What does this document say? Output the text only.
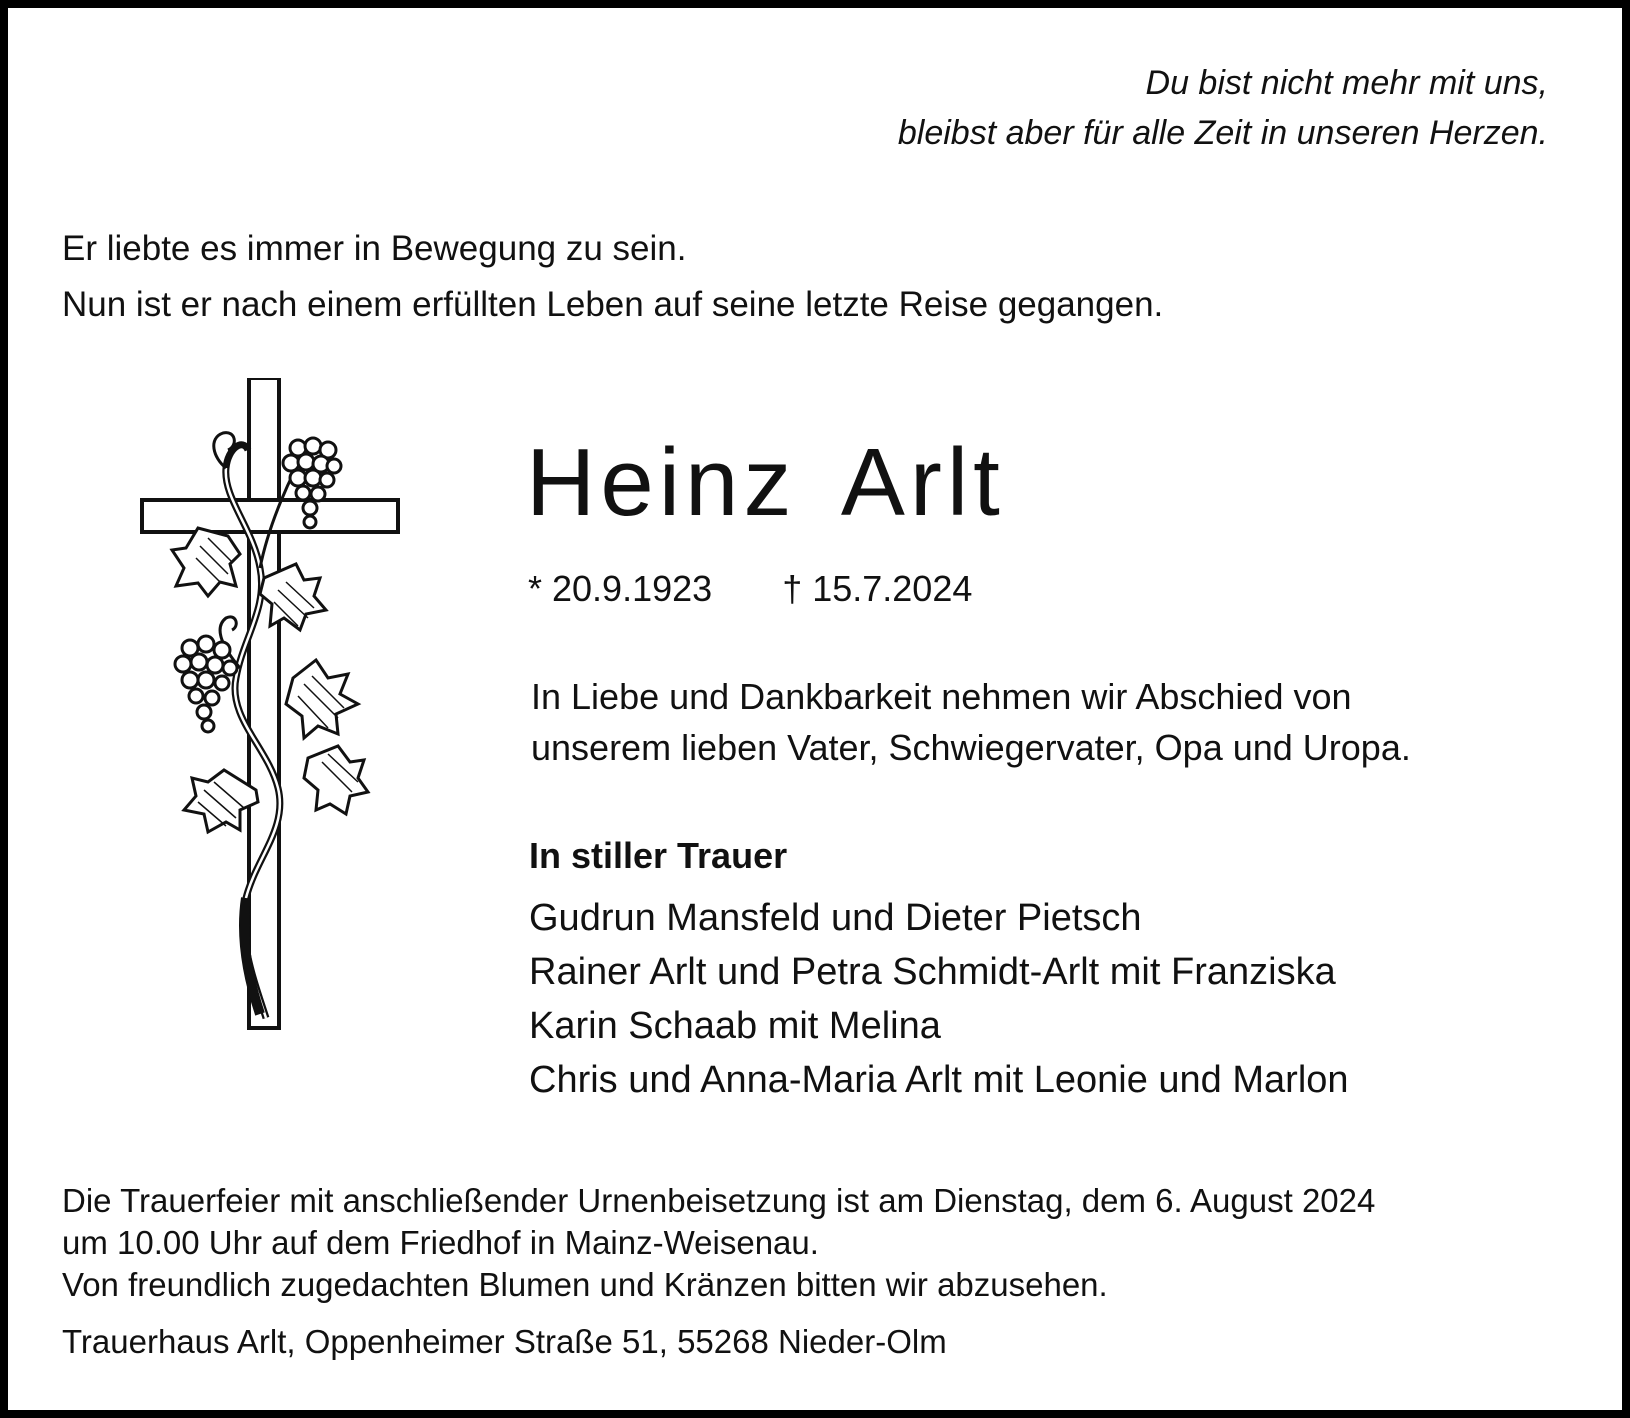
Du bist nicht mehr mit uns,
bleibst aber für alle Zeit in unseren Herzen.
Er liebte es immer in Bewegung zu sein.
Nun ist er nach einem erfüllten Leben auf seine letzte Reise gegangen.
Heinz Arlt
* 20.9.1923 † 15.7.2024
In Liebe und Dankbarkeit nehmen wir Abschied von
unserem lieben Vater, Schwiegervater, Opa und Uropa.
In stiller Trauer
Gudrun Mansfeld und Dieter Pietsch
Rainer Arlt und Petra Schmidt-Arlt mit Franziska
Karin Schaab mit Melina
Chris und Anna-Maria Arlt mit Leonie und Marlon
Die Trauerfeier mit anschließender Urnenbeisetzung ist am Dienstag, dem 6. August 2024
um 10.00 Uhr auf dem Friedhof in Mainz-Weisenau.
Von freundlich zugedachten Blumen und Kränzen bitten wir abzusehen.
Trauerhaus Arlt, Oppenheimer Straße 51, 55268 Nieder-Olm
